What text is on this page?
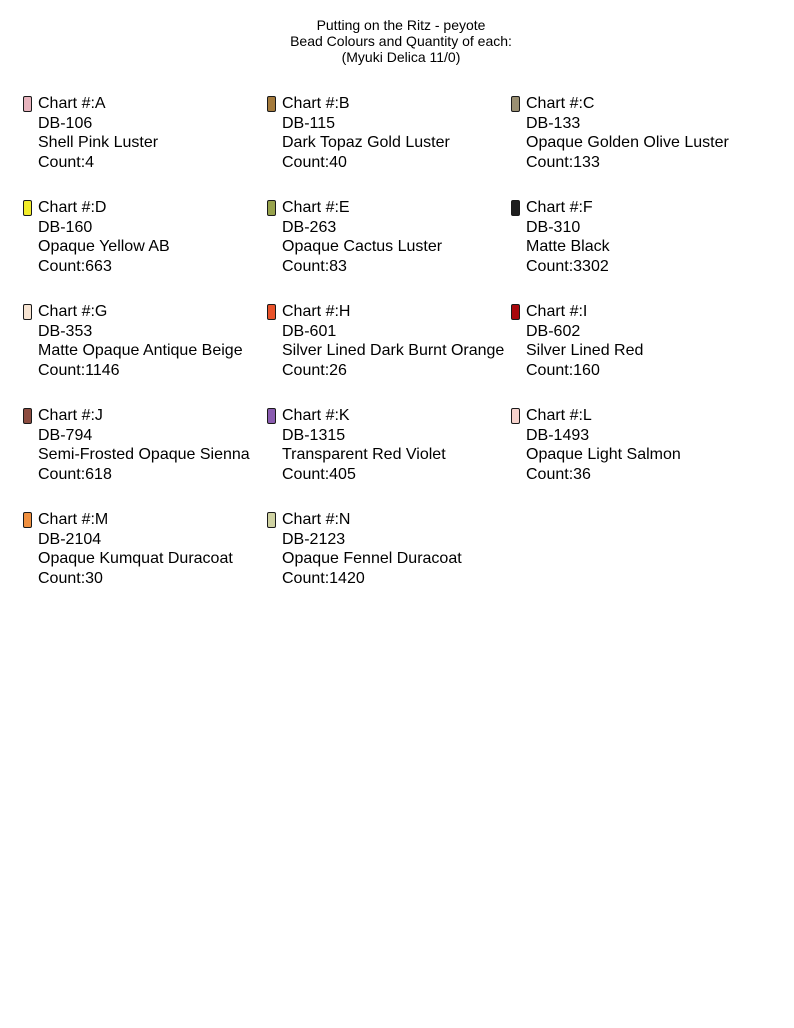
Putting on the Ritz - peyote
Bead Colours and Quantity of each:
(Myuki Delica 11/0)
Chart #:A
DB-106
Shell Pink Luster
Count:4
Chart #:B
DB-115
Dark Topaz Gold Luster
Count:40
Chart #:C
DB-133
Opaque Golden Olive Luster
Count:133
Chart #:D
DB-160
Opaque Yellow AB
Count:663
Chart #:E
DB-263
Opaque Cactus Luster
Count:83
Chart #:F
DB-310
Matte Black
Count:3302
Chart #:G
DB-353
Matte Opaque Antique Beige
Count:1146
Chart #:H
DB-601
Silver Lined Dark Burnt Orange
Count:26
Chart #:I
DB-602
Silver Lined Red
Count:160
Chart #:J
DB-794
Semi-Frosted Opaque Sienna
Count:618
Chart #:K
DB-1315
Transparent Red Violet
Count:405
Chart #:L
DB-1493
Opaque Light Salmon
Count:36
Chart #:M
DB-2104
Opaque Kumquat Duracoat
Count:30
Chart #:N
DB-2123
Opaque Fennel Duracoat
Count:1420
